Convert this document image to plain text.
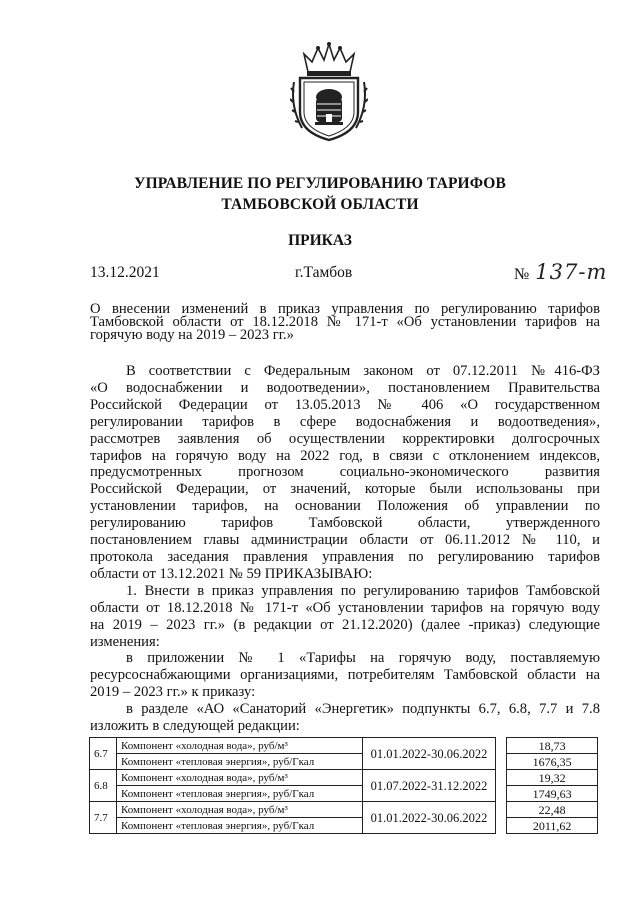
УПРАВЛЕНИЕ ПО РЕГУЛИРОВАНИЮ ТАРИФОВ
ТАМБОВСКОЙ ОБЛАСТИ
ПРИКАЗ
13.12.2021	г.Тамбов	№ 137-т
О внесении изменений в приказ управления по регулированию тарифов
Тамбовской области от 18.12.2018 № 171-т «Об установлении тарифов на
горячую воду на 2019 – 2023 гг.»
В соответствии с Федеральным законом от 07.12.2011 №416-ФЗ
«О водоснабжении и водоотведении», постановлением Правительства
Российской Федерации от 13.05.2013 № 406 «О государственном
регулировании тарифов в сфере водоснабжения и водоотведения»,
рассмотрев заявления об осуществлении корректировки долгосрочных
тарифов на горячую воду на 2022 год, в связи с отклонением индексов,
предусмотренных прогнозом социально-экономического развития
Российской Федерации, от значений, которые были использованы при
установлении тарифов, на основании Положения об управлении по
регулированию тарифов Тамбовской области, утвержденного
постановлением главы администрации области от 06.11.2012 № 110, и
протокола заседания правления управления по регулированию тарифов
области от 13.12.2021 № 59 ПРИКАЗЫВАЮ:
1. Внести в приказ управления по регулированию тарифов Тамбовской
области от 18.12.2018 № 171-т «Об установлении тарифов на горячую воду
на 2019 – 2023 гг.» (в редакции от 21.12.2020) (далее -приказ) следующие
изменения:
в приложении № 1 «Тарифы на горячую воду, поставляемую
ресурсоснабжающими организациями, потребителям Тамбовской области на
2019 – 2023 гг.» к приказу:
в разделе «АО «Санаторий «Энергетик» подпункты 6.7, 6.8, 7.7 и 7.8
изложить в следующей редакции:
6.7	Компонент «холодная вода», руб/м³	01.01.2022-30.06.2022		18,73
	Компонент «тепловая энергия», руб/Гкал			1676,35
6.8	Компонент «холодная вода», руб/м³	01.07.2022-31.12.2022		19,32
	Компонент «тепловая энергия», руб/Гкал			1749,63
7.7	Компонент «холодная вода», руб/м³	01.01.2022-30.06.2022		22,48
	Компонент «тепловая энергия», руб/Гкал			2011,62
